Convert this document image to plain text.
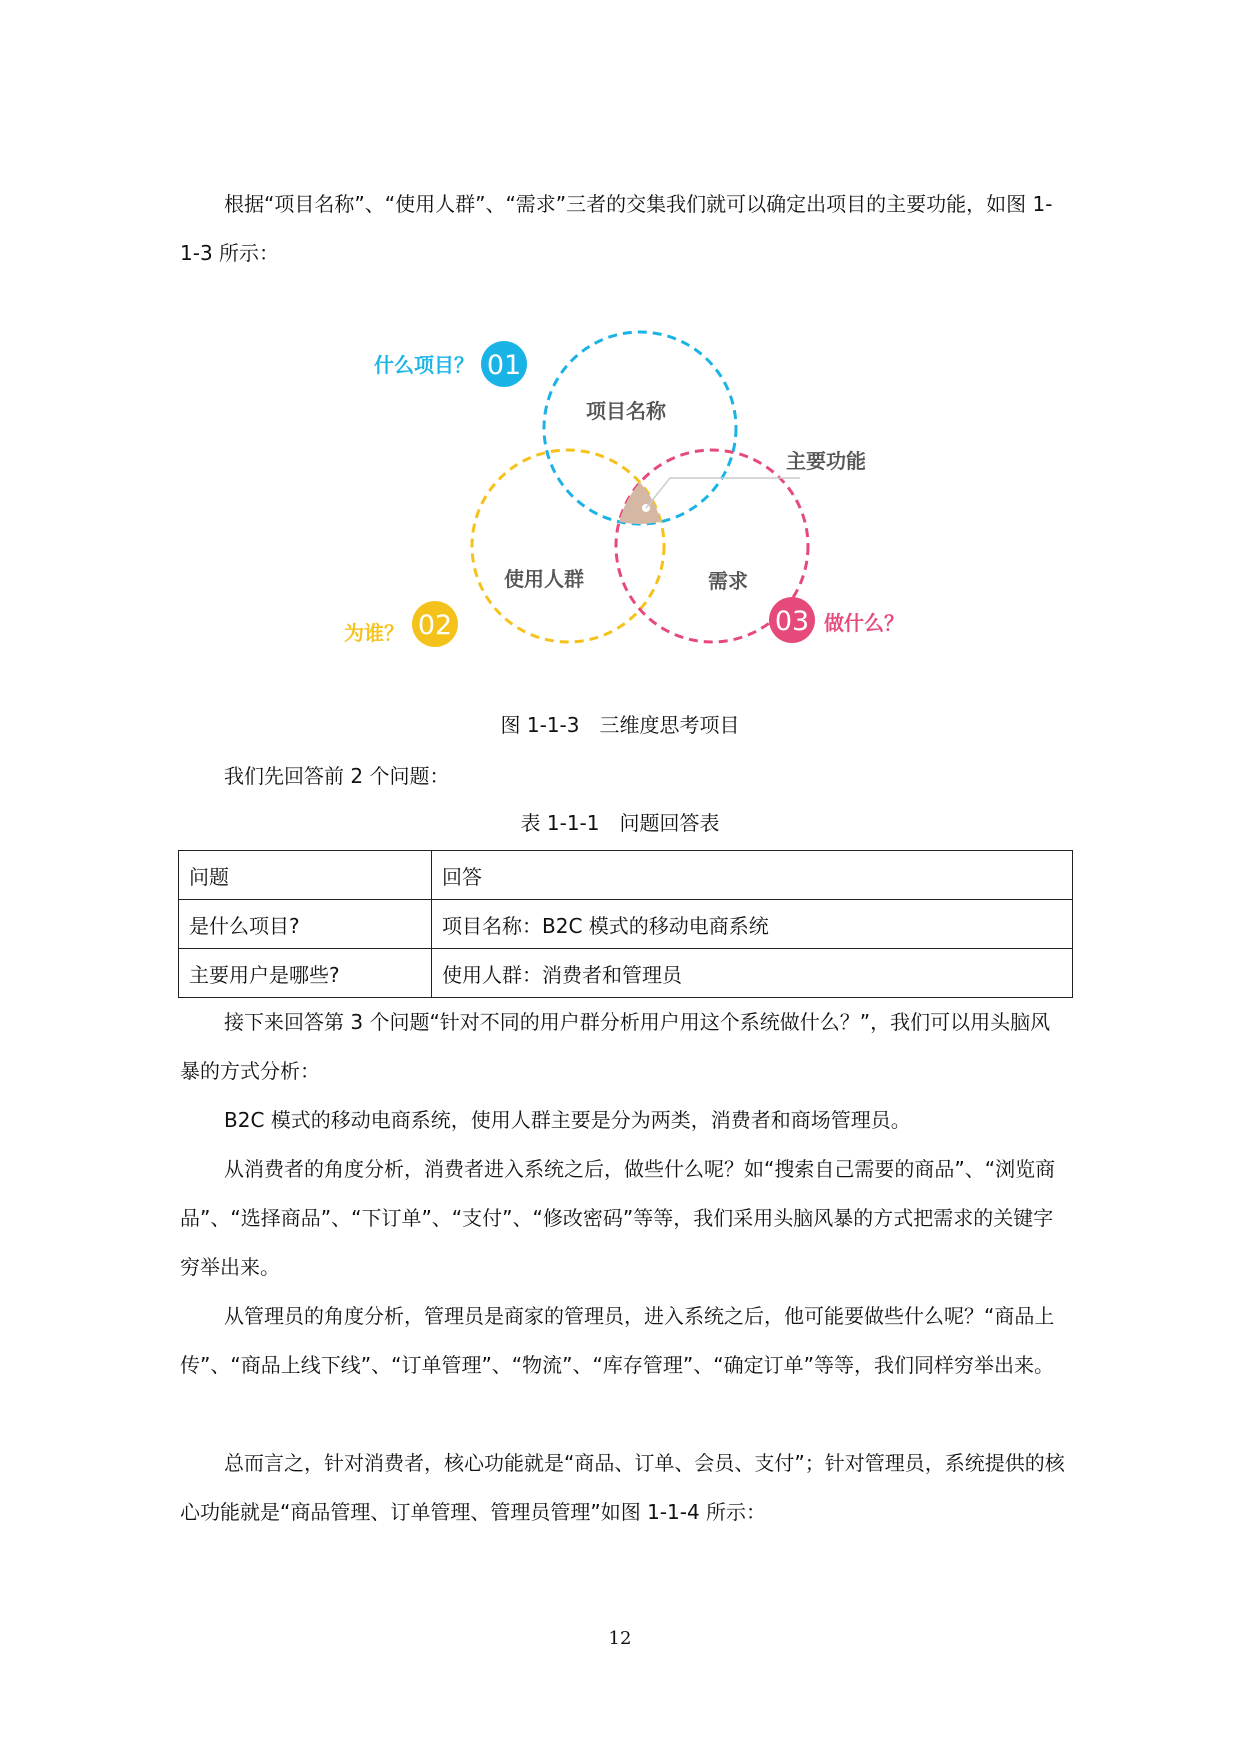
根据“项目名称”、“使用人群”、“需求”三者的交集我们就可以确定出项目的主要功能，如图 1-1-3 所示：

01
什么项目？
02
为谁？	03 做什么？
项目名称
使用人群	需求
主要功能

图 1-1-3　三维度思考项目

我们先回答前 2 个问题：

表 1-1-1　问题回答表

问题	回答
是什么项目?	项目名称：B2C 模式的移动电商系统
主要用户是哪些?	使用人群：消费者和管理员

接下来回答第 3 个问题“针对不同的用户群分析用户用这个系统做什么？”，我们可以用头脑风暴的方式分析：

B2C 模式的移动电商系统，使用人群主要是分为两类，消费者和商场管理员。

从消费者的角度分析，消费者进入系统之后，做些什么呢？如“搜索自己需要的商品”、“浏览商品”、“选择商品”、“下订单”、“支付”、“修改密码”等等，我们采用头脑风暴的方式把需求的关键字穷举出来。

从管理员的角度分析，管理员是商家的管理员，进入系统之后，他可能要做些什么呢？“商品上传”、“商品上线下线”、“订单管理”、“物流”、“库存管理”、“确定订单”等等，我们同样穷举出来。

总而言之，针对消费者，核心功能就是“商品、订单、会员、支付”；针对管理员，系统提供的核心功能就是“商品管理、订单管理、管理员管理”如图 1-1-4 所示：

12
